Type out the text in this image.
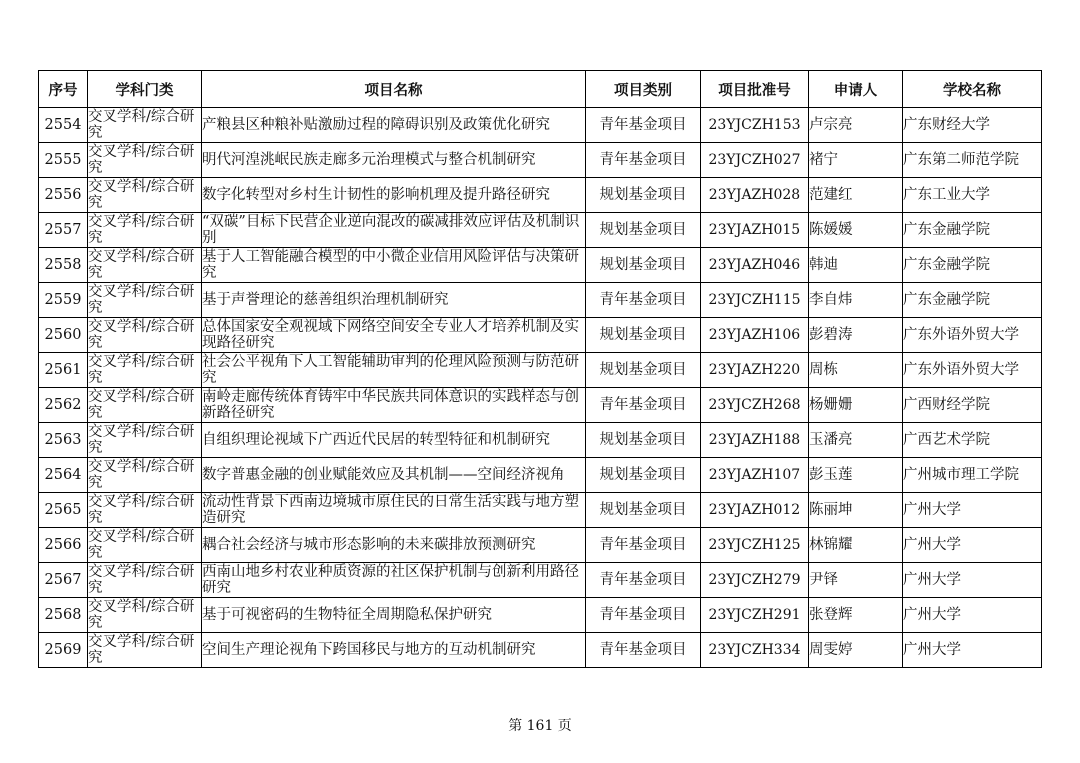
序号	学科门类	项目名称	项目类别	项目批准号	申请人	学校名称
2554	交叉学科/综合研究	产粮县区种粮补贴激励过程的障碍识别及政策优化研究	青年基金项目	23YJCZH153	卢宗亮	广东财经大学
2555	交叉学科/综合研究	明代河湟洮岷民族走廊多元治理模式与整合机制研究	青年基金项目	23YJCZH027	褚宁	广东第二师范学院
2556	交叉学科/综合研究	数字化转型对乡村生计韧性的影响机理及提升路径研究	规划基金项目	23YJAZH028	范建红	广东工业大学
2557	交叉学科/综合研究	“双碳”目标下民营企业逆向混改的碳减排效应评估及机制识别	规划基金项目	23YJAZH015	陈媛媛	广东金融学院
2558	交叉学科/综合研究	基于人工智能融合模型的中小微企业信用风险评估与决策研究	规划基金项目	23YJAZH046	韩迪	广东金融学院
2559	交叉学科/综合研究	基于声誉理论的慈善组织治理机制研究	青年基金项目	23YJCZH115	李自炜	广东金融学院
2560	交叉学科/综合研究	总体国家安全观视域下网络空间安全专业人才培养机制及实现路径研究	规划基金项目	23YJAZH106	彭碧涛	广东外语外贸大学
2561	交叉学科/综合研究	社会公平视角下人工智能辅助审判的伦理风险预测与防范研究	规划基金项目	23YJAZH220	周栋	广东外语外贸大学
2562	交叉学科/综合研究	南岭走廊传统体育铸牢中华民族共同体意识的实践样态与创新路径研究	青年基金项目	23YJCZH268	杨姗姗	广西财经学院
2563	交叉学科/综合研究	自组织理论视域下广西近代民居的转型特征和机制研究	规划基金项目	23YJAZH188	玉潘亮	广西艺术学院
2564	交叉学科/综合研究	数字普惠金融的创业赋能效应及其机制——空间经济视角	规划基金项目	23YJAZH107	彭玉莲	广州城市理工学院
2565	交叉学科/综合研究	流动性背景下西南边境城市原住民的日常生活实践与地方塑造研究	规划基金项目	23YJAZH012	陈丽坤	广州大学
2566	交叉学科/综合研究	耦合社会经济与城市形态影响的未来碳排放预测研究	青年基金项目	23YJCZH125	林锦耀	广州大学
2567	交叉学科/综合研究	西南山地乡村农业种质资源的社区保护机制与创新利用路径研究	青年基金项目	23YJCZH279	尹铎	广州大学
2568	交叉学科/综合研究	基于可视密码的生物特征全周期隐私保护研究	青年基金项目	23YJCZH291	张登辉	广州大学
2569	交叉学科/综合研究	空间生产理论视角下跨国移民与地方的互动机制研究	青年基金项目	23YJCZH334	周雯婷	广州大学
第 161 页
